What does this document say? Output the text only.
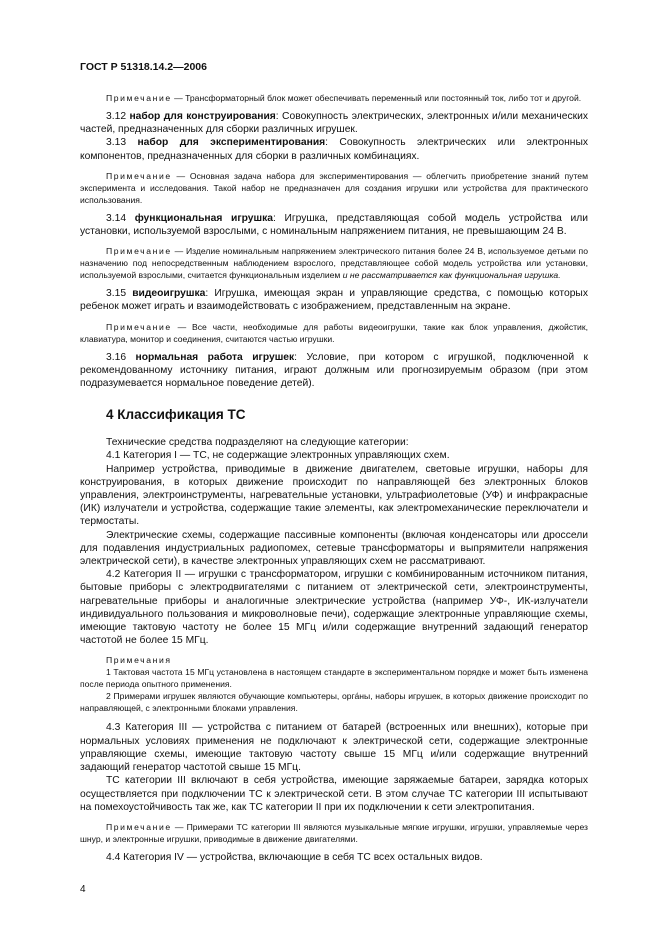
ГОСТ Р 51318.14.2—2006

Примечание — Трансформаторный блок может обеспечивать переменный или постоянный ток, либо тот и другой.

3.12 набор для конструирования: Совокупность электрических, электронных и/или механических частей, предназначенных для сборки различных игрушек.

3.13 набор для экспериментирования: Совокупность электрических или электронных компонентов, предназначенных для сборки в различных комбинациях.

Примечание — Основная задача набора для экспериментирования — облегчить приобретение знаний путем эксперимента и исследования. Такой набор не предназначен для создания игрушки или устройства для практического использования.

3.14 функциональная игрушка: Игрушка, представляющая собой модель устройства или установки, используемой взрослыми, с номинальным напряжением питания, не превышающим 24 В.

Примечание — Изделие номинальным напряжением электрического питания более 24 В, используемое детьми по назначению под непосредственным наблюдением взрослого, представляющее собой модель устройства или установки, используемой взрослыми, считается функциональным изделием и не рассматривается как функциональная игрушка.

3.15 видеоигрушка: Игрушка, имеющая экран и управляющие средства, с помощью которых ребенок может играть и взаимодействовать с изображением, представленным на экране.

Примечание — Все части, необходимые для работы видеоигрушки, такие как блок управления, джойстик, клавиатура, монитор и соединения, считаются частью игрушки.

3.16 нормальная работа игрушек: Условие, при котором с игрушкой, подключенной к рекомендованному источнику питания, играют должным или прогнозируемым образом (при этом подразумевается нормальное поведение детей).

4 Классификация ТС

Технические средства подразделяют на следующие категории:

4.1 Категория I — ТС, не содержащие электронных управляющих схем.

Например устройства, приводимые в движение двигателем, световые игрушки, наборы для конструирования, в которых движение происходит по направляющей без электронных блоков управления, электроинструменты, нагревательные установки, ультрафиолетовые (УФ) и инфракрасные (ИК) излучатели и устройства, содержащие такие элементы, как электромеханические переключатели и термостаты.

Электрические схемы, содержащие пассивные компоненты (включая конденсаторы или дроссели для подавления индустриальных радиопомех, сетевые трансформаторы и выпрямители напряжения электрической сети), в качестве электронных управляющих схем не рассматривают.

4.2 Категория II — игрушки с трансформатором, игрушки с комбинированным источником питания, бытовые приборы с электродвигателями с питанием от электрической сети, электроинструменты, нагревательные приборы и аналогичные электрические устройства (например УФ-, ИК-излучатели индивидуального пользования и микроволновые печи), содержащие электронные управляющие схемы, имеющие тактовую частоту не более 15 МГц и/или содержащие внутренний задающий генератор частотой не более 15 МГц.

Примечания

1 Тактовая частота 15 МГц установлена в настоящем стандарте в экспериментальном порядке и может быть изменена после периода опытного применения.

2 Примерами игрушек являются обучающие компьютеры, орга́ны, наборы игрушек, в которых движение происходит по направляющей, с электронными блоками управления.

4.3 Категория III — устройства с питанием от батарей (встроенных или внешних), которые при нормальных условиях применения не подключают к электрической сети, содержащие электронные управляющие схемы, имеющие тактовую частоту свыше 15 МГц и/или содержащие внутренний задающий генератор частотой свыше 15 МГц.

ТС категории III включают в себя устройства, имеющие заряжаемые батареи, зарядка которых осуществляется при подключении ТС к электрической сети. В этом случае ТС категории III испытывают на помехоустойчивость так же, как ТС категории II при их подключении к сети электропитания.

Примечание — Примерами ТС категории III являются музыкальные мягкие игрушки, игрушки, управляемые через шнур, и электронные игрушки, приводимые в движение двигателями.

4.4 Категория IV — устройства, включающие в себя ТС всех остальных видов.

4
